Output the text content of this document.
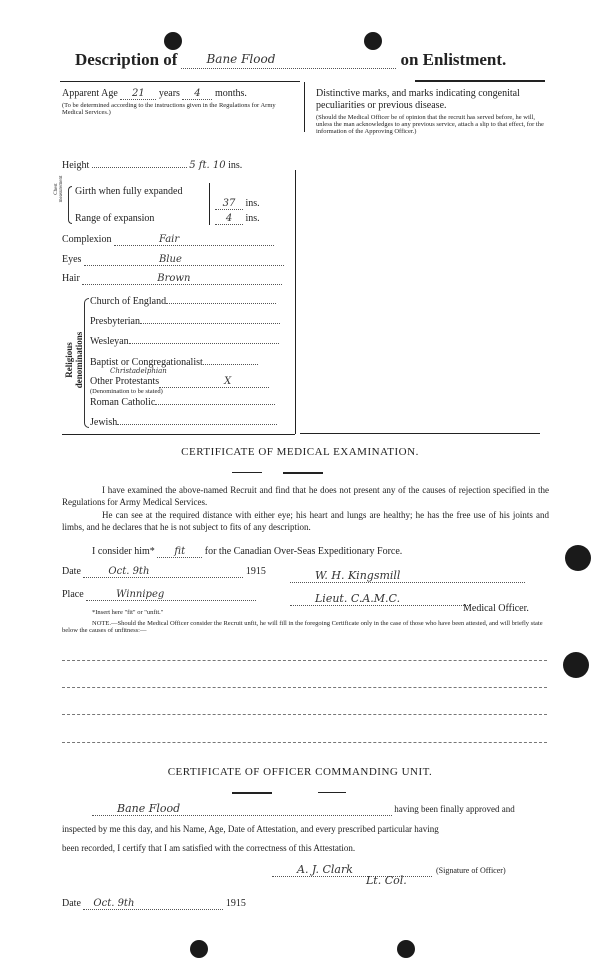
Description of Bane Flood	on Enlistment.
Apparent Age 21 years 4 months.
(To be determined according to the instructions given in the Regulations for Army Medical Services.)
Distinctive marks, and marks indicating congenital peculiarities or previous disease.
(Should the Medical Officer be of opinion that the recruit has served before, he will, unless the man acknowledges to any previous service, attach a slip to that effect, for the information of the Approving Officer.)
Height	5 ft. 10 ins.
Chest measurement Girth when fully expanded
37 ins.
Range of expansion	4 ins.
Complexion	Fair
Eyes	Blue
Hair	Brown
Religious denominations
Church of England
Presbyterian
Wesleyan
Baptist or Congregationalist
Christadelphian
Other Protestants	X
(Denomination to be stated)
Roman Catholic
Jewish
CERTIFICATE OF MEDICAL EXAMINATION.
I have examined the above-named Recruit and find that he does not present any of the causes of rejection specified in the Regulations for Army Medical Services.
He can see at the required distance with either eye; his heart and lungs are healthy; he has the free use of his joints and limbs, and he declares that he is not subject to fits of any description.
I consider him* fit for the Canadian Over-Seas Expeditionary Force.
Date	Oct. 9th	1915	W. H. Kingsmill
Place	Winnipeg	Lieut. C.A.M.C.
Medical Officer.
*Insert here "fit" or "unfit."
NOTE.—Should the Medical Officer consider the Recruit unfit, he will fill in the foregoing Certificate only in the case of those who have been attested, and will briefly state below the causes of unfitness:—
CERTIFICATE OF OFFICER COMMANDING UNIT.
Bane Flood	having been finally approved and
inspected by me this day, and his Name, Age, Date of Attestation, and every prescribed particular having
been recorded, I certify that I am satisfied with the correctness of this Attestation.
A. J. Clark	(Signature of Officer)
Lt. Col.
Date Oct. 9th	1915
